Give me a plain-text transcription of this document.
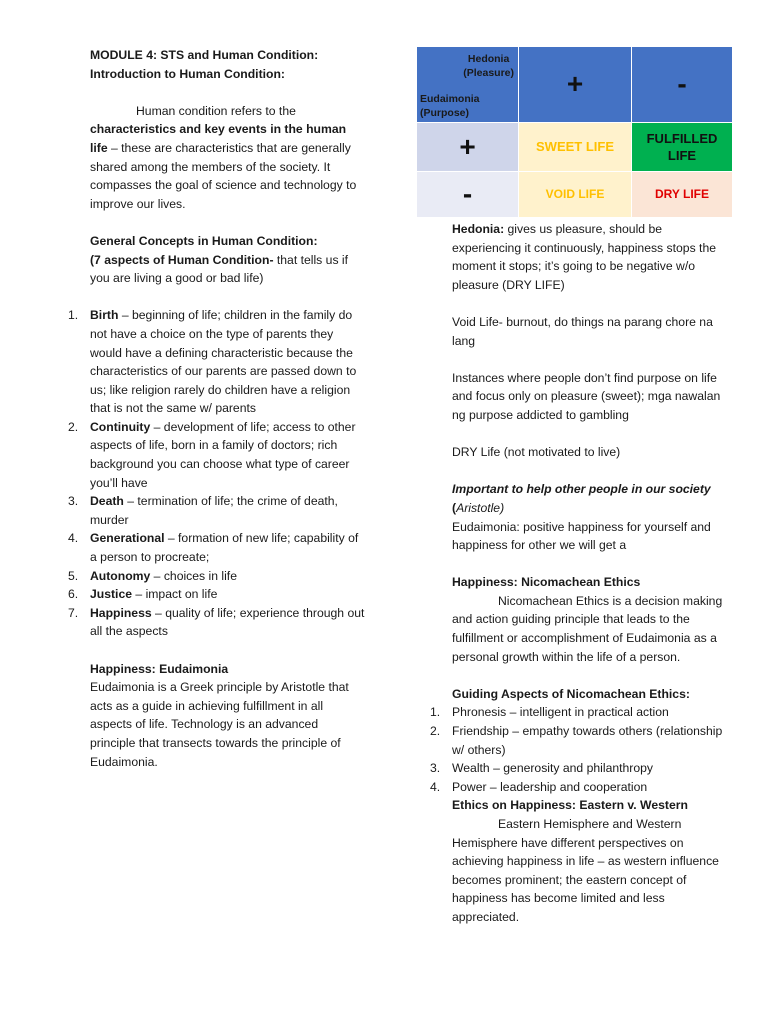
MODULE 4: STS and Human Condition:

Introduction to Human Condition:

Human condition refers to the characteristics and key events in the human life – these are characteristics that are generally shared among the members of the society. It compasses the goal of science and technology to improve our lives.

General Concepts in Human Condition:

(7 aspects of Human Condition- that tells us if you are living a good or bad life)

1. Birth – beginning of life; children in the family do not have a choice on the type of parents they would have a defining characteristic because the characteristics of our parents are passed down to us; like religion rarely do children have a religion that is not the same w/ parents
2. Continuity – development of life; access to other aspects of life, born in a family of doctors; rich background you can choose what type of career you’ll have
3. Death – termination of life; the crime of death, murder
4. Generational – formation of new life; capability of a person to procreate;
5. Autonomy – choices in life
6. Justice – impact on life
7. Happiness – quality of life; experience through out all the aspects

Happiness: Eudaimonia

Eudaimonia is a Greek principle by Aristotle that acts as a guide in achieving fulfillment in all aspects of life. Technology is an advanced principle that transects towards the principle of Eudaimonia.

Hedonia
(Pleasure)
Eudaimonia
(Purpose)	+	-
+	SWEET LIFE	FULFILLED LIFE
-	VOID LIFE	DRY LIFE

Hedonia: gives us pleasure, should be experiencing it continuously, happiness stops the moment it stops; it’s going to be negative w/o pleasure (DRY LIFE)

Void Life- burnout, do things na parang chore na lang

Instances where people don’t find purpose on life and focus only on pleasure (sweet); mga nawalan ng purpose addicted to gambling

DRY Life (not motivated to live)

Important to help other people in our society

(Aristotle)

Eudaimonia: positive happiness for yourself and happiness for other we will get a

Happiness: Nicomachean Ethics

Nicomachean Ethics is a decision making and action guiding principle that leads to the fulfillment or accomplishment of Eudaimonia as a personal growth within the life of a person.

Guiding Aspects of Nicomachean Ethics:

1. Phronesis – intelligent in practical action
2. Friendship – empathy towards others (relationship w/ others)
3. Wealth – generosity and philanthropy
4. Power – leadership and cooperation

Ethics on Happiness: Eastern v. Western

Eastern Hemisphere and Western Hemisphere have different perspectives on achieving happiness in life – as western influence becomes prominent; the eastern concept of happiness has become limited and less appreciated.
